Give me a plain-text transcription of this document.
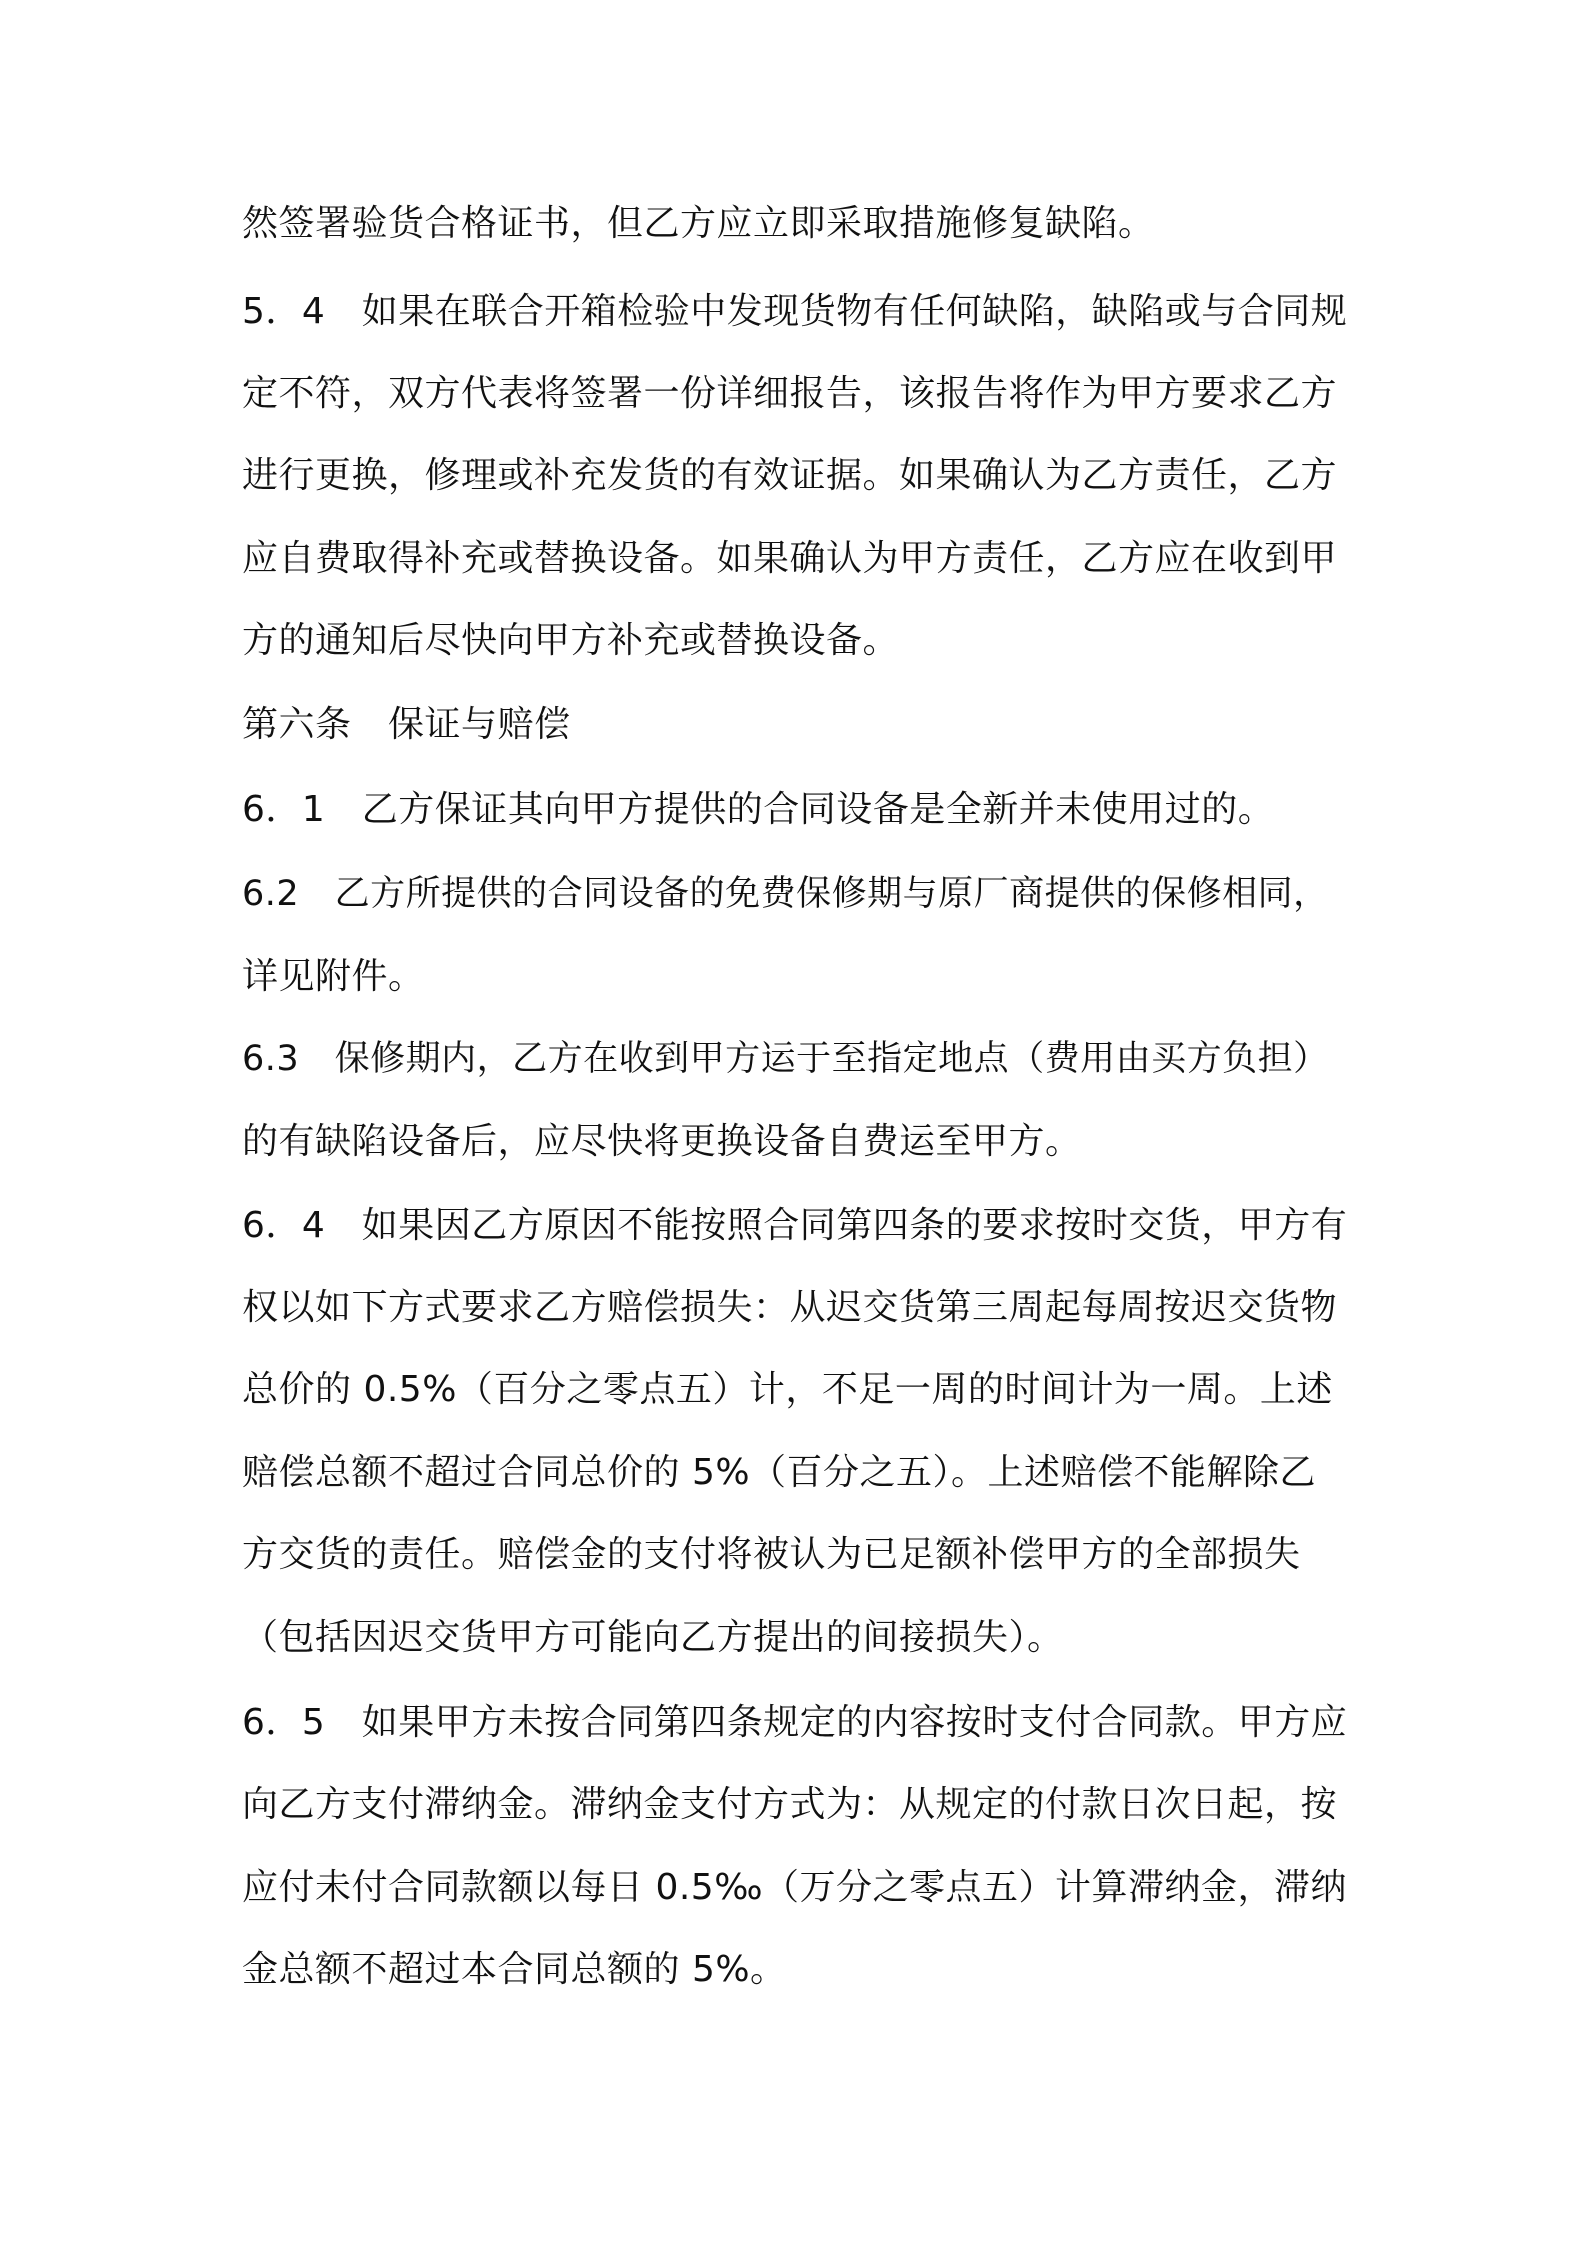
然签署验货合格证书，但乙方应立即采取措施修复缺陷。
5．4　如果在联合开箱检验中发现货物有任何缺陷，缺陷或与合同规
定不符，双方代表将签署一份详细报告，该报告将作为甲方要求乙方
进行更换，修理或补充发货的有效证据。如果确认为乙方责任，乙方
应自费取得补充或替换设备。如果确认为甲方责任，乙方应在收到甲
方的通知后尽快向甲方补充或替换设备。
第六条　保证与赔偿
6．1　乙方保证其向甲方提供的合同设备是全新并未使用过的。
6.2　乙方所提供的合同设备的免费保修期与原厂商提供的保修相同，
详见附件。
6.3　保修期内，乙方在收到甲方运于至指定地点（费用由买方负担）
的有缺陷设备后，应尽快将更换设备自费运至甲方。
6．4　如果因乙方原因不能按照合同第四条的要求按时交货，甲方有
权以如下方式要求乙方赔偿损失：从迟交货第三周起每周按迟交货物
总价的 0.5%（百分之零点五）计，不足一周的时间计为一周。上述
赔偿总额不超过合同总价的 5%（百分之五）。上述赔偿不能解除乙
方交货的责任。赔偿金的支付将被认为已足额补偿甲方的全部损失
（包括因迟交货甲方可能向乙方提出的间接损失）。
6．5　如果甲方未按合同第四条规定的内容按时支付合同款。甲方应
向乙方支付滞纳金。滞纳金支付方式为：从规定的付款日次日起，按
应付未付合同款额以每日 0.5‰（万分之零点五）计算滞纳金，滞纳
金总额不超过本合同总额的 5%。
